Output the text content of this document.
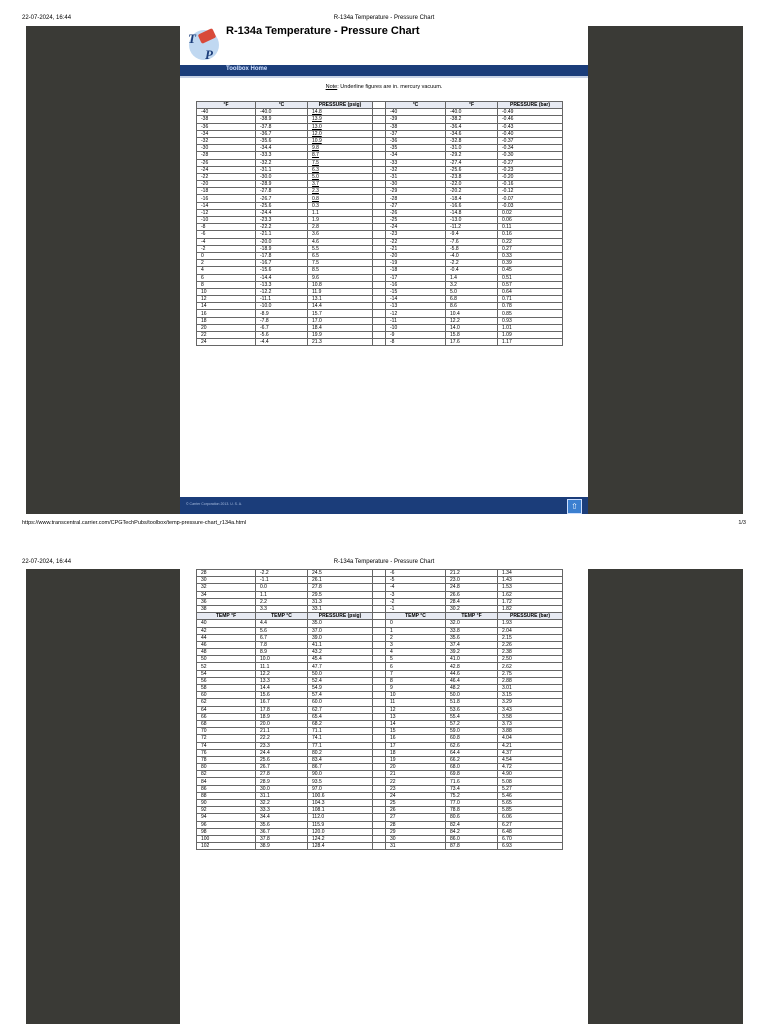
22-07-2024, 16:44	R-134a Temperature - Pressure Chart
T
P
R-134a Temperature - Pressure Chart
Toolbox Home
Note: Underline figures are in. mercury vacuum.
°F	°C	PRESSURE (psig)		°C	°F	PRESSURE (bar)
-40	-40.0	14.8		-40	-40.0	-0.49
-38	-38.9	13.9		-39	-38.2	-0.46
-36	-37.8	13.0		-38	-36.4	-0.43
-34	-36.7	12.0		-37	-34.6	-0.40
-32	-35.6	10.9		-36	-32.8	-0.37
-30	-34.4	9.8		-35	-31.0	-0.34
-28	-33.3	8.7		-34	-29.2	-0.30
-26	-32.2	7.5		-33	-27.4	-0.27
-24	-31.1	6.3		-32	-25.6	-0.23
-22	-30.0	5.0		-31	-23.8	-0.20
-20	-28.9	3.7		-30	-22.0	-0.16
-18	-27.8	2.3		-29	-20.2	-0.12
-16	-26.7	0.8		-28	-18.4	-0.07
-14	-25.6	0.3		-27	-16.6	-0.03
-12	-24.4	1.1		-26	-14.8	0.02
-10	-23.3	1.9		-25	-13.0	0.06
-8	-22.2	2.8		-24	-11.2	0.11
-6	-21.1	3.6		-23	-9.4	0.16
-4	-20.0	4.6		-22	-7.6	0.22
-2	-18.9	5.5		-21	-5.8	0.27
0	-17.8	6.5		-20	-4.0	0.33
2	-16.7	7.5		-19	-2.2	0.39
4	-15.6	8.5		-18	-0.4	0.45
6	-14.4	9.6		-17	1.4	0.51
8	-13.3	10.8		-16	3.2	0.57
10	-12.2	11.9		-15	5.0	0.64
12	-11.1	13.1		-14	6.8	0.71
14	-10.0	14.4		-13	8.6	0.78
16	-8.9	15.7		-12	10.4	0.85
18	-7.8	17.0		-11	12.2	0.93
20	-6.7	18.4		-10	14.0	1.01
22	-5.6	19.9		-9	15.8	1.09
24	-4.4	21.3		-8	17.6	1.17
© Carrier Corporation 2013. U. S. A.	⇧
https://www.transcentral.carrier.com/CPGTechPubs/toolbox/temp-pressure-chart_r134a.html	1/3
22-07-2024, 16:44	R-134a Temperature - Pressure Chart
28	-2.2	24.5		-6	21.2	1.34
30	-1.1	26.1		-5	23.0	1.43
32	0.0	27.8		-4	24.8	1.53
34	1.1	29.5		-3	26.6	1.62
36	2.2	31.3		-2	28.4	1.72
38	3.3	33.1		-1	30.2	1.82
TEMP °F	TEMP °C	PRESSURE (psig)		TEMP °C	TEMP °F	PRESSURE (bar)
40	4.4	35.0		0	32.0	1.93
42	5.6	37.0		1	33.8	2.04
44	6.7	39.0		2	35.6	2.15
46	7.8	41.1		3	37.4	2.26
48	8.9	43.2		4	39.2	2.38
50	10.0	45.4		5	41.0	2.50
52	11.1	47.7		6	42.8	2.62
54	12.2	50.0		7	44.6	2.75
56	13.3	52.4		8	46.4	2.88
58	14.4	54.9		9	48.2	3.01
60	15.6	57.4		10	50.0	3.15
62	16.7	60.0		11	51.8	3.29
64	17.8	62.7		12	53.6	3.43
66	18.9	65.4		13	55.4	3.58
68	20.0	68.2		14	57.2	3.73
70	21.1	71.1		15	59.0	3.88
72	22.2	74.1		16	60.8	4.04
74	23.3	77.1		17	62.6	4.21
76	24.4	80.2		18	64.4	4.37
78	25.6	83.4		19	66.2	4.54
80	26.7	86.7		20	68.0	4.72
82	27.8	90.0		21	69.8	4.90
84	28.9	93.5		22	71.6	5.08
86	30.0	97.0		23	73.4	5.27
88	31.1	100.6		24	75.2	5.46
90	32.2	104.3		25	77.0	5.65
92	33.3	108.1		26	78.8	5.85
94	34.4	112.0		27	80.6	6.06
96	35.6	115.9		28	82.4	6.27
98	36.7	120.0		29	84.2	6.48
100	37.8	124.2		30	86.0	6.70
102	38.9	128.4		31	87.8	6.93
